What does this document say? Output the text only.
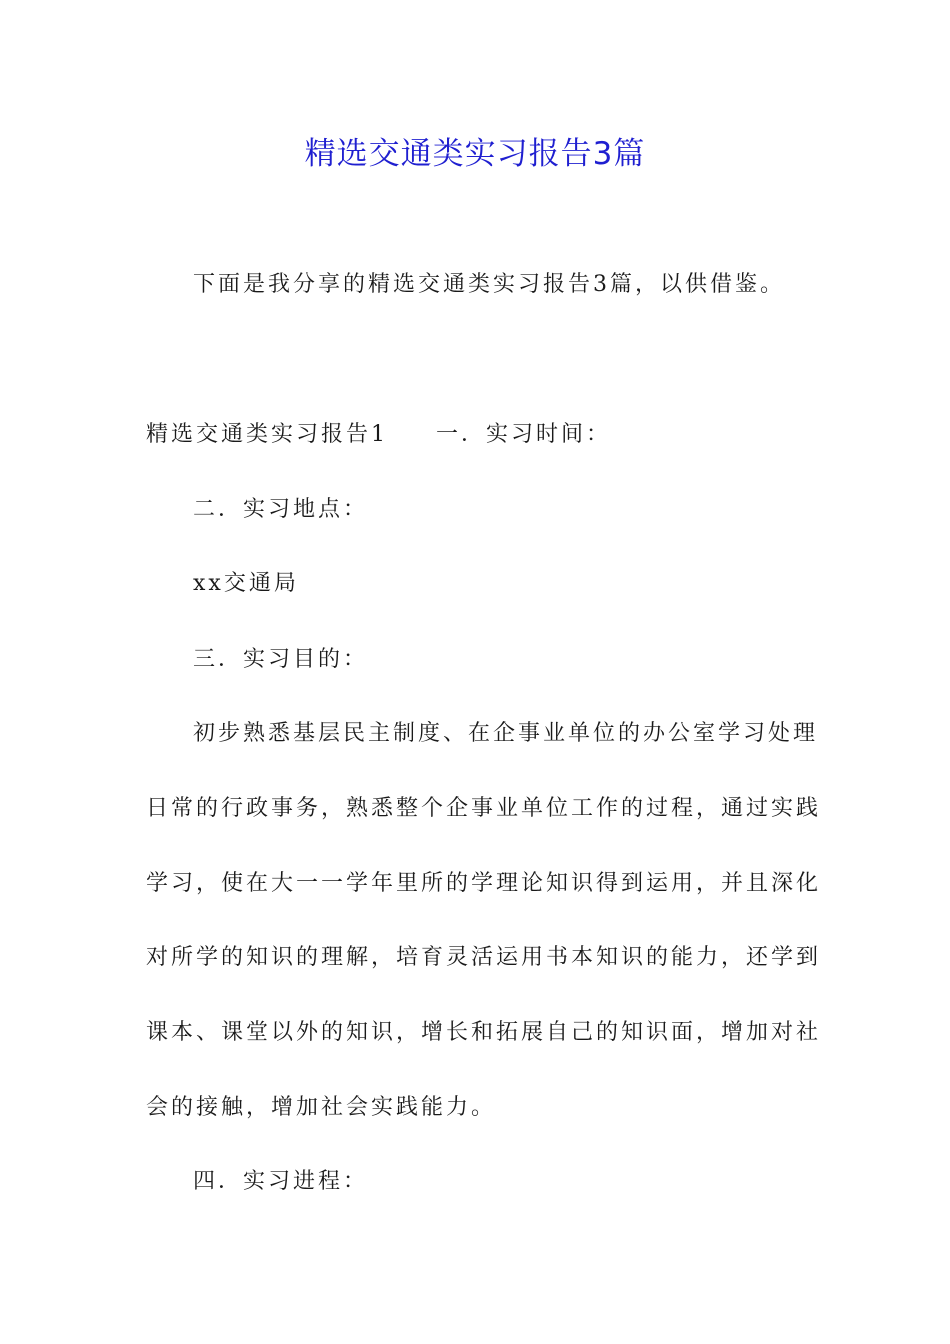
精选交通类实习报告3篇
下面是我分享的精选交通类实习报告3篇，以供借鉴。
精选交通类实习报告1 一．实习时间：
二．实习地点：
xx交通局
三．实习目的：
初步熟悉基层民主制度、在企事业单位的办公室学习处理
日常的行政事务，熟悉整个企事业单位工作的过程，通过实践
学习，使在大一一学年里所的学理论知识得到运用，并且深化
对所学的知识的理解，培育灵活运用书本知识的能力，还学到
课本、课堂以外的知识，增长和拓展自己的知识面，增加对社
会的接触，增加社会实践能力。
四．实习进程：
